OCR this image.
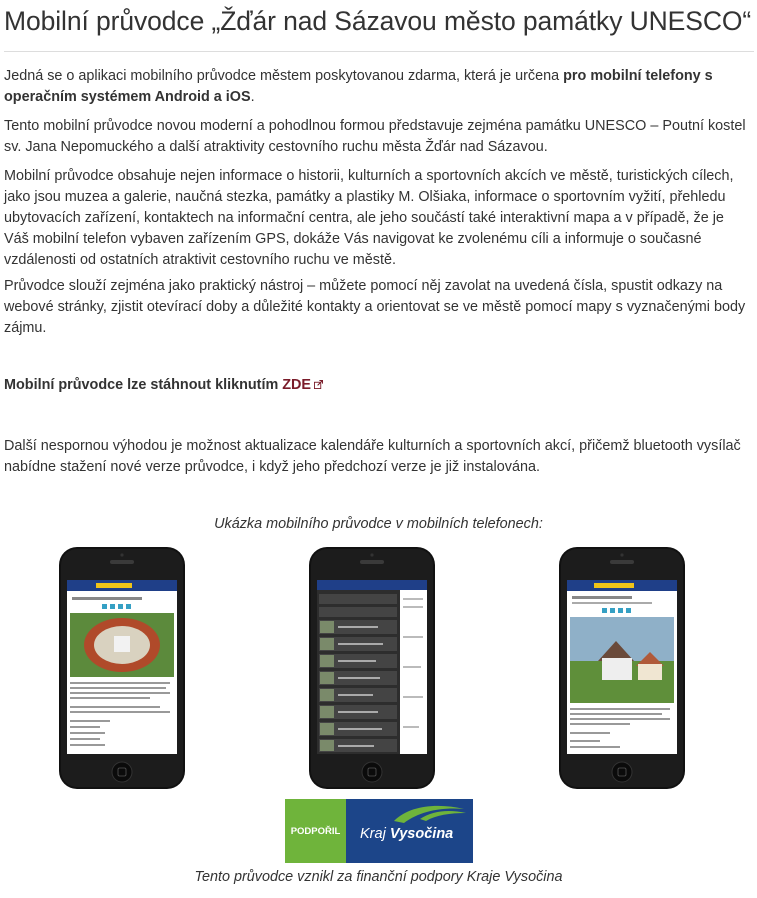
Mobilní průvodce „Žďár nad Sázavou město památky UNESCO“

Jedná se o aplikaci mobilního průvodce městem poskytovanou zdarma, která je určena pro mobilní telefony s operačním systémem Android a iOS.

Tento mobilní průvodce novou moderní a pohodlnou formou představuje zejména památku UNESCO – Poutní kostel sv. Jana Nepomuckého a další atraktivity cestovního ruchu města Žďár nad Sázavou.

Mobilní průvodce obsahuje nejen informace o historii, kulturních a sportovních akcích ve městě, turistických cílech, jako jsou muzea a galerie, naučná stezka, památky a plastiky M. Olšiaka, informace o sportovním vyžití, přehledu ubytovacích zařízení, kontaktech na informační centra, ale jeho součástí také interaktivní mapa a v případě, že je Váš mobilní telefon vybaven zařízením GPS, dokáže Vás navigovat ke zvolenému cíli a informuje o současné vzdálenosti od ostatních atraktivit cestovního ruchu ve městě.

Průvodce slouží zejména jako praktický nástroj – můžete pomocí něj zavolat na uvedená čísla, spustit odkazy na webové stránky, zjistit otevírací doby a důležité kontakty a orientovat se ve městě pomocí mapy s vyznačenými body zájmu.

Mobilní průvodce lze stáhnout kliknutím ZDE

Další nespornou výhodou je možnost aktualizace kalendáře kulturních a sportovních akcí, přičemž bluetooth vysílač nabídne stažení nové verze průvodce, i když jeho předchozí verze je již instalována.

Ukázka mobilního průvodce v mobilních telefonech:

PODPOŘIL	Kraj Vysočina

Tento průvodce vznikl za finanční podpory Kraje Vysočina
